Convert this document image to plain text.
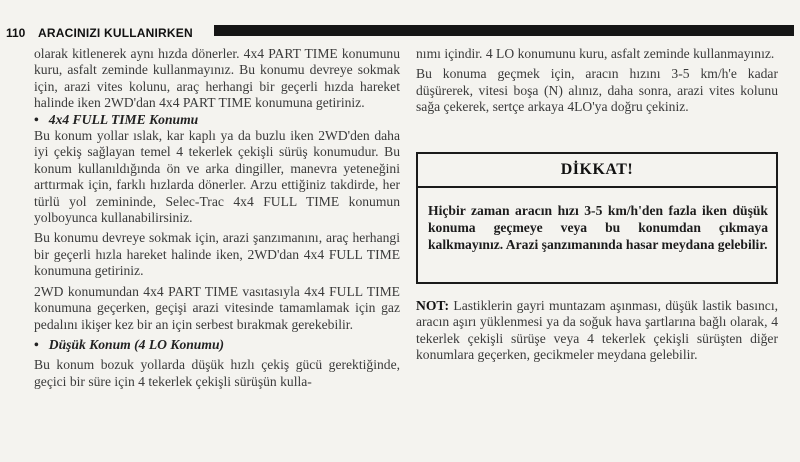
110 ARACINIZI KULLANIRKEN

olarak kitlenerek aynı hızda dönerler. 4x4 PART TIME konumunu kuru, asfalt zeminde kullanmayınız. Bu konumu devreye sokmak için, arazi vites kolunu, araç herhangi bir geçerli hızda hareket halinde iken 2WD'dan 4x4 PART TIME konumuna getiriniz.

• 4x4 FULL TIME Konumu

Bu konum yollar ıslak, kar kaplı ya da buzlu iken 2WD'den daha iyi çekiş sağlayan temel 4 tekerlek çekişli sürüş konumudur. Bu konum kullanıldığında ön ve arka dingiller, manevra yeteneğini arttırmak için, farklı hızlarda dönerler. Arzu ettiğiniz takdirde, her türlü yol zemininde, Selec-Trac 4x4 FULL TIME konumun yolboyunca kullanabilirsiniz.

Bu konumu devreye sokmak için, arazi şanzımanını, araç herhangi bir geçerli hızla hareket halinde iken, 2WD'dan 4x4 FULL TIME konumuna getiriniz.

2WD konumundan 4x4 PART TIME vasıtasıyla 4x4 FULL TIME konumuna geçerken, geçişi arazi vitesinde tamamlamak için gaz pedalını ikişer kez bir an için serbest bırakmak gerekebilir.

• Düşük Konum (4 LO Konumu)

Bu konum bozuk yollarda düşük hızlı çekiş gücü gerektiğinde, geçici bir süre için 4 tekerlek çekişli sürüşün kulla-

nımı içindir. 4 LO konumunu kuru, asfalt zeminde kullanmayınız.

Bu konuma geçmek için, aracın hızını 3-5 km/h'e kadar düşürerek, vitesi boşa (N) alınız, daha sonra, arazi vites kolunu sağa çekerek, sertçe arkaya 4LO'ya doğru çekiniz.

DİKKAT!
Hiçbir zaman aracın hızı 3-5 km/h'den fazla iken düşük konuma geçmeye veya bu konumdan çıkmaya kalkmayınız. Arazi şanzımanında hasar meydana gelebilir.
NOT: Lastiklerin gayri muntazam aşınması, düşük lastik basıncı, aracın aşırı yüklenmesi ya da soğuk hava şartlarına bağlı olarak, 4 tekerlek çekişli sürüşe veya 4 tekerlek çekişli sürüşten diğer konumlara geçerken, gecikmeler meydana gelebilir.
